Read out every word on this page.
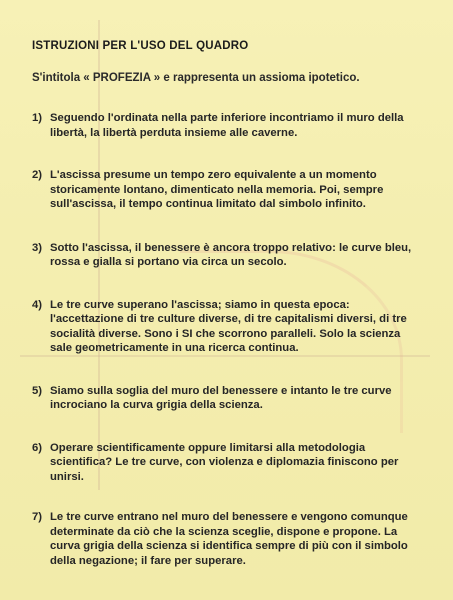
ISTRUZIONI PER L'USO DEL QUADRO
S'intitola « PROFEZIA » e rappresenta un assioma ipotetico.
1) Seguendo l'ordinata nella parte inferiore incontriamo il muro della libertà, la libertà perduta insieme alle caverne.
2) L'ascissa presume un tempo zero equivalente a un momento storicamente lontano, dimenticato nella memoria. Poi, sempre sull'ascissa, il tempo continua limitato dal simbolo infinito.
3) Sotto l'ascissa, il benessere è ancora troppo relativo: le curve bleu, rossa e gialla si portano via circa un secolo.
4) Le tre curve superano l'ascissa; siamo in questa epoca: l'accettazione di tre culture diverse, di tre capitalismi diversi, di tre socialità diverse. Sono i SI che scorrono paralleli. Solo la scienza sale geometricamente in una ricerca continua.
5) Siamo sulla soglia del muro del benessere e intanto le tre curve incrociano la curva grigia della scienza.
6) Operare scientificamente oppure limitarsi alla metodologia scientifica? Le tre curve, con violenza e diplomazia finiscono per unirsi.
7) Le tre curve entrano nel muro del benessere e vengono comunque determinate da ciò che la scienza sceglie, dispone e propone. La curva grigia della scienza si identifica sempre di più con il simbolo della negazione; il fare per superare.
